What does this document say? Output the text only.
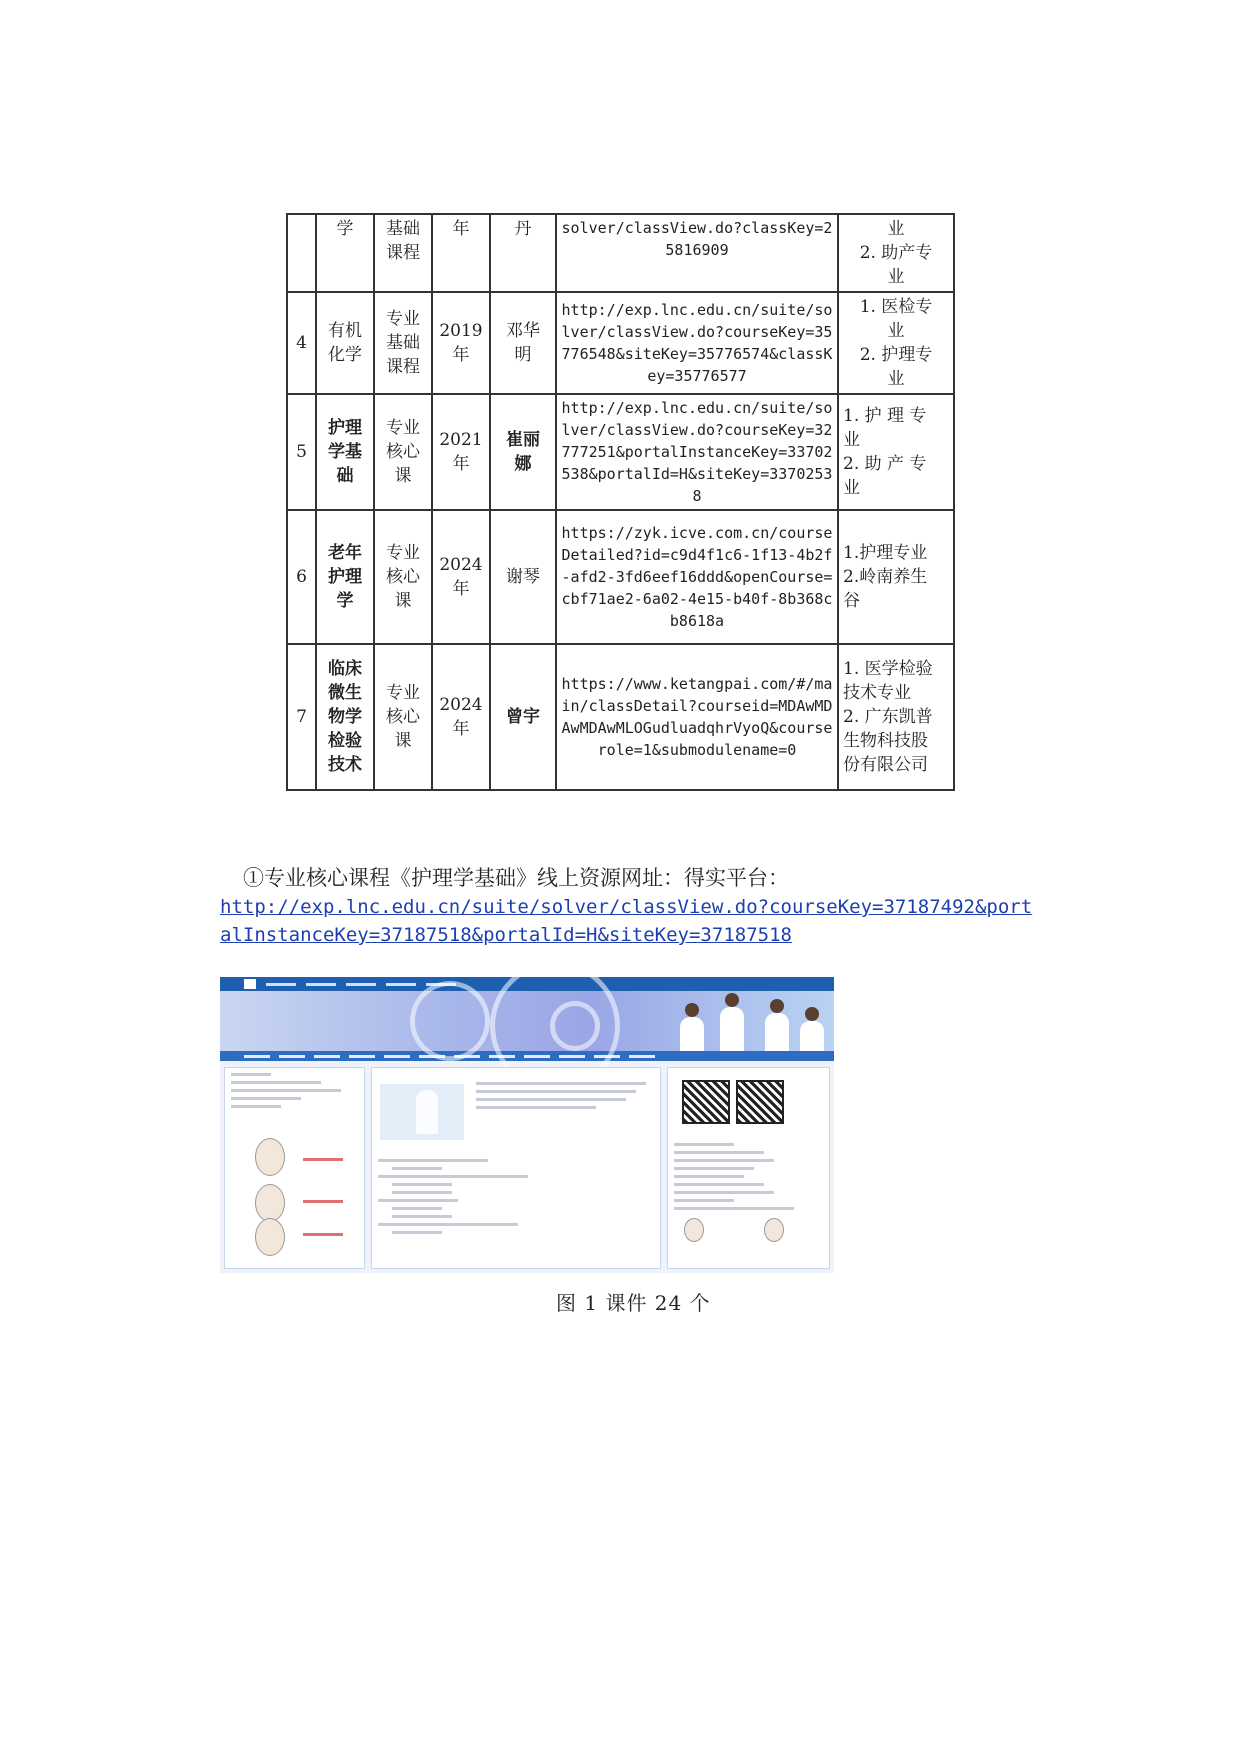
	学	基础
课程	年	丹	solver/classView.do?classKey=25816909	业
2. 助产专
业
4	有机
化学	专业
基础
课程	2019
年	邓华
明	http://exp.lnc.edu.cn/suite/solver/classView.do?courseKey=35776548&siteKey=35776574&classKey=35776577	1. 医检专
业
2. 护理专
业
5	护理
学基
础	专业
核心
课	2021
年	崔丽
娜	http://exp.lnc.edu.cn/suite/solver/classView.do?courseKey=32777251&portalInstanceKey=33702538&portalId=H&siteKey=33702538	1. 护 理 专
业
2. 助 产 专
业
6	老年
护理
学	专业
核心
课	2024
年	谢琴	https://zyk.icve.com.cn/courseDetailed?id=c9d4f1c6-1f13-4b2f-afd2-3fd6eef16ddd&openCourse=cbf71ae2-6a02-4e15-b40f-8b368cb8618a	1.护理专业
2.岭南养生
谷
7	临床
微生
物学
检验
技术	专业
核心
课	2024
年	曾宇	https://www.ketangpai.com/#/main/classDetail?courseid=MDAwMDAwMDAwMLOGudluadqhrVyoQ&courserole=1&submodulename=0	1. 医学检验
技术专业
2. 广东凯普
生物科技股
份有限公司
①专业核心课程《护理学基础》线上资源网址：得实平台：
http://exp.lnc.edu.cn/suite/solver/classView.do?courseKey=37187492&portalInstanceKey=37187518&portalId=H&siteKey=37187518
图 1 课件 24 个
